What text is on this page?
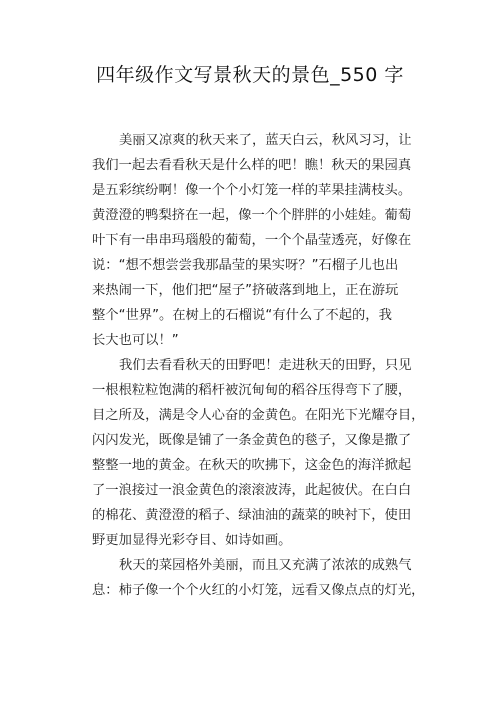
四年级作文写景秋天的景色_550 字
美丽又凉爽的秋天来了，蓝天白云，秋风习习，让
我们一起去看看秋天是什么样的吧！瞧！秋天的果园真
是五彩缤纷啊！像一个个小灯笼一样的苹果挂满枝头。
黄澄澄的鸭梨挤在一起，像一个个胖胖的小娃娃。葡萄
叶下有一串串玛瑙般的葡萄，一个个晶莹透亮，好像在
说：“想不想尝尝我那晶莹的果实呀？”石榴子儿也出
来热闹一下，他们把“屋子”挤破落到地上，正在游玩
整个“世界”。在树上的石榴说“有什么了不起的，我
长大也可以！”
我们去看看秋天的田野吧！走进秋天的田野，只见
一根根粒粒饱满的稻杆被沉甸甸的稻谷压得弯下了腰，
目之所及，满是令人心奋的金黄色。在阳光下光耀夺目，
闪闪发光，既像是铺了一条金黄色的毯子，又像是撒了
整整一地的黄金。在秋天的吹拂下，这金色的海洋掀起
了一浪接过一浪金黄色的滚滚波涛，此起彼伏。在白白
的棉花、黄澄澄的稻子、绿油油的蔬菜的映衬下，使田
野更加显得光彩夺目、如诗如画。
秋天的菜园格外美丽，而且又充满了浓浓的成熟气
息：柿子像一个个火红的小灯笼，远看又像点点的灯光，
